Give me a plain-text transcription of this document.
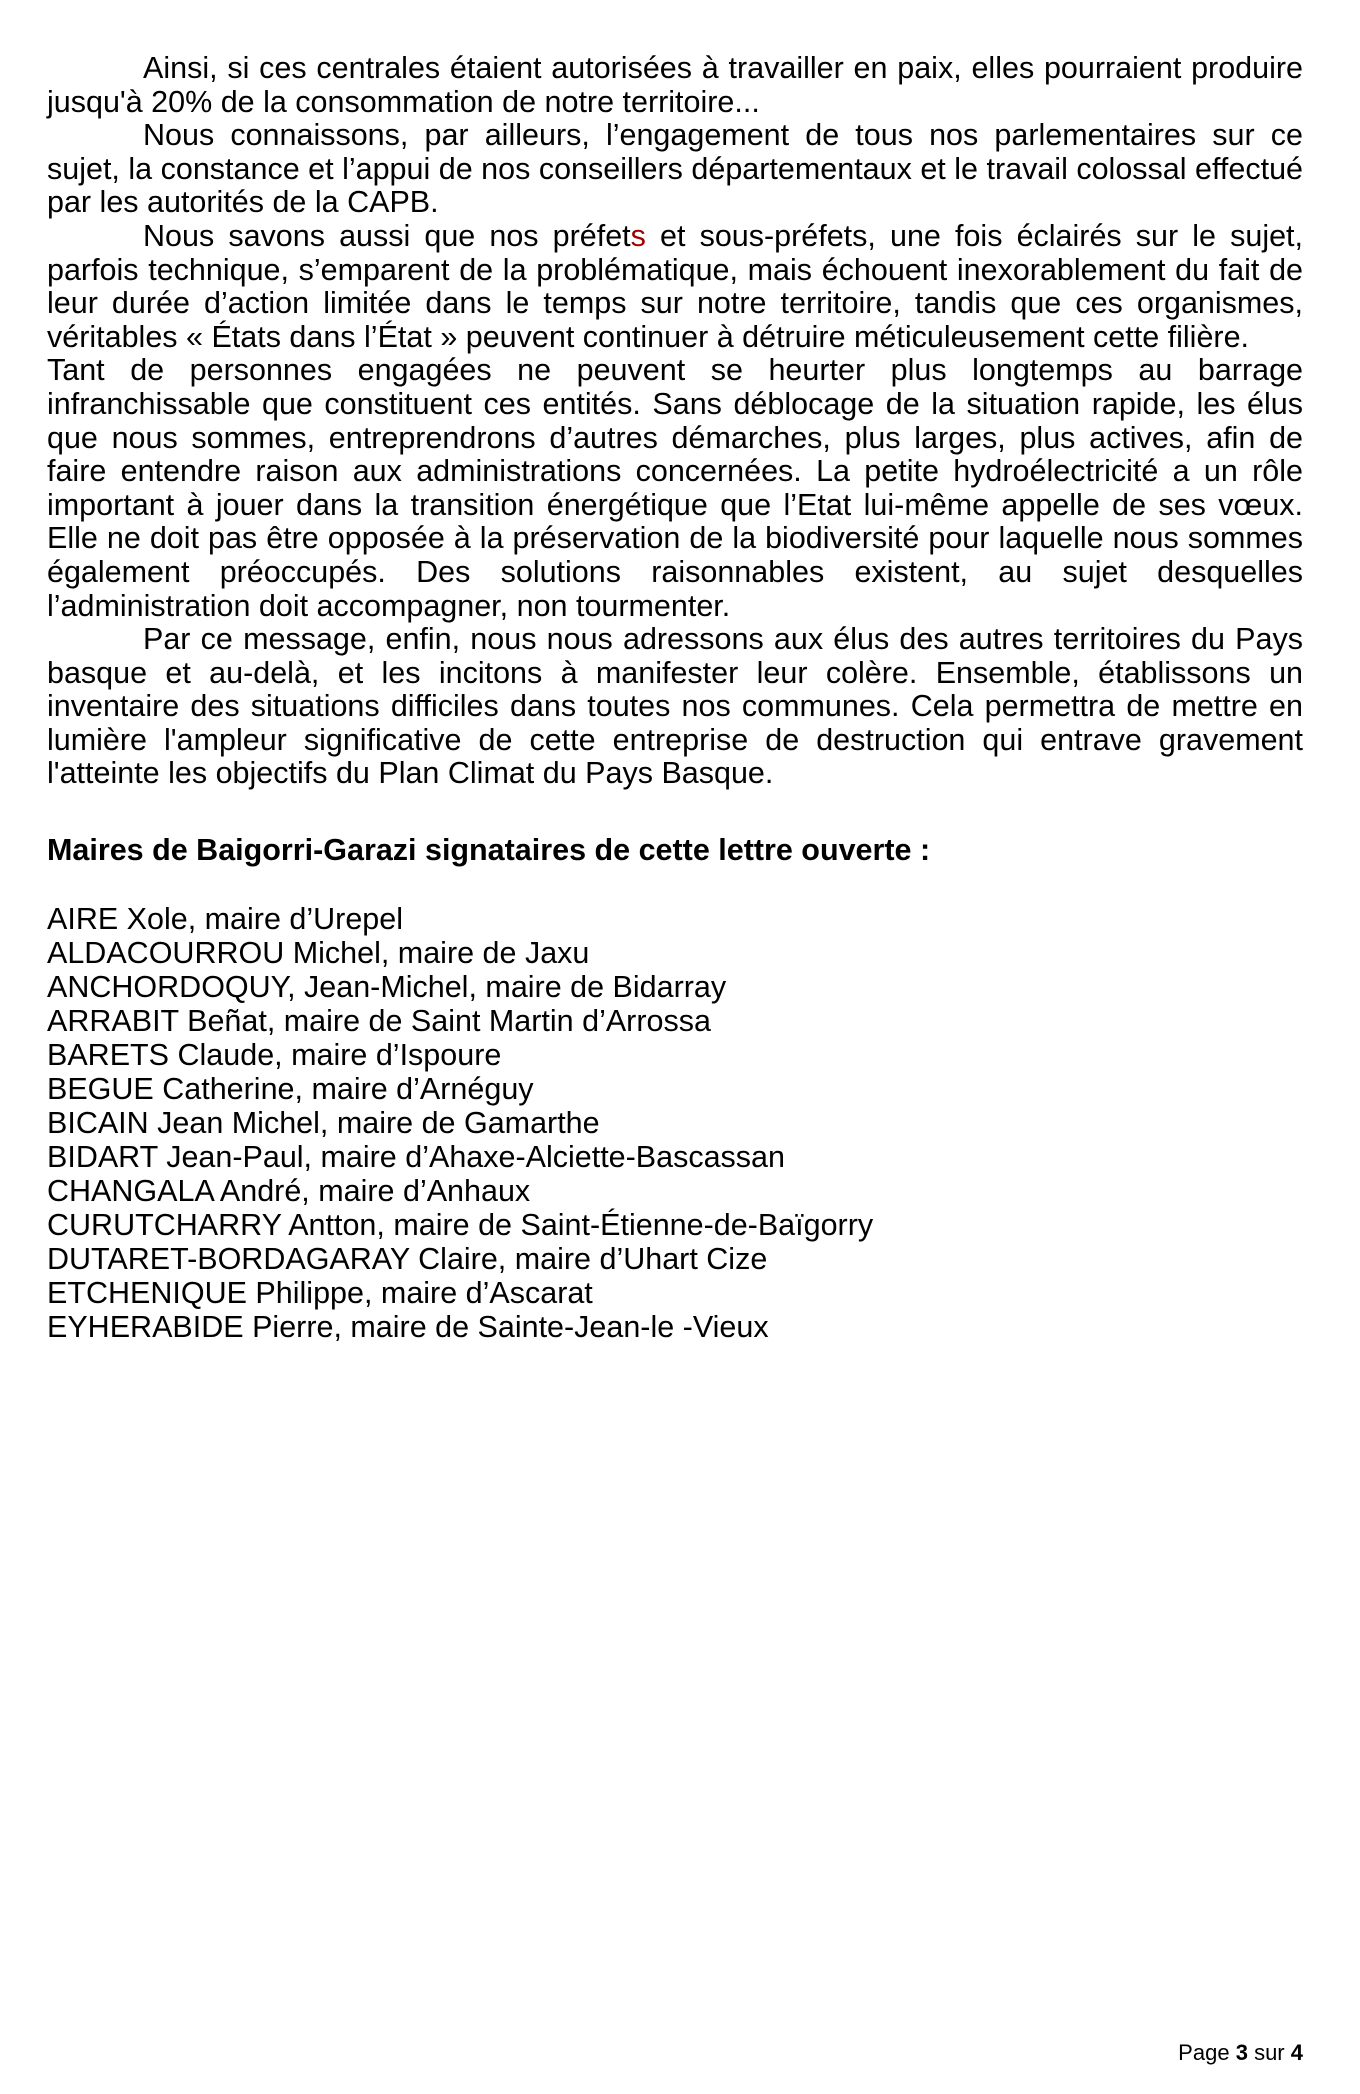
Ainsi, si ces centrales étaient autorisées à travailler en paix, elles pourraient produire jusqu'à 20% de la consommation de notre territoire...

Nous connaissons, par ailleurs, l’engagement de tous nos parlementaires sur ce sujet, la constance et l’appui de nos conseillers départementaux et le travail colossal effectué par les autorités de la CAPB.

Nous savons aussi que nos préfets et sous-préfets, une fois éclairés sur le sujet, parfois technique, s’emparent de la problématique, mais échouent inexorablement du fait de leur durée d’action limitée dans le temps sur notre territoire, tandis que ces organismes, véritables « États dans l’État » peuvent continuer à détruire méticuleusement cette filière.

Tant de personnes engagées ne peuvent se heurter plus longtemps au barrage infranchissable que constituent ces entités. Sans déblocage de la situation rapide, les élus que nous sommes, entreprendrons d’autres démarches, plus larges, plus actives, afin de faire entendre raison aux administrations concernées. La petite hydroélectricité a un rôle important à jouer dans la transition énergétique que l’Etat lui-même appelle de ses vœux. Elle ne doit pas être opposée à la préservation de la biodiversité pour laquelle nous sommes également préoccupés. Des solutions raisonnables existent, au sujet desquelles l’administration doit accompagner, non tourmenter.

Par ce message, enfin, nous nous adressons aux élus des autres territoires du Pays basque et au-delà, et les incitons à manifester leur colère. Ensemble, établissons un inventaire des situations difficiles dans toutes nos communes. Cela permettra de mettre en lumière l'ampleur significative de cette entreprise de destruction qui entrave gravement l'atteinte les objectifs du Plan Climat du Pays Basque.

Maires de Baigorri-Garazi signataires de cette lettre ouverte :

AIRE Xole, maire d’Urepel
ALDACOURROU Michel, maire de Jaxu
ANCHORDOQUY, Jean-Michel, maire de Bidarray
ARRABIT Beñat, maire de Saint Martin d’Arrossa
BARETS Claude, maire d’Ispoure
BEGUE Catherine, maire d’Arnéguy
BICAIN Jean Michel, maire de Gamarthe
BIDART Jean-Paul, maire d’Ahaxe-Alciette-Bascassan
CHANGALA André, maire d’Anhaux
CURUTCHARRY Antton, maire de Saint-Étienne-de-Baïgorry
DUTARET-BORDAGARAY Claire, maire d’Uhart Cize
ETCHENIQUE Philippe, maire d’Ascarat
EYHERABIDE Pierre, maire de Sainte-Jean-le -Vieux
Page 3 sur 4
